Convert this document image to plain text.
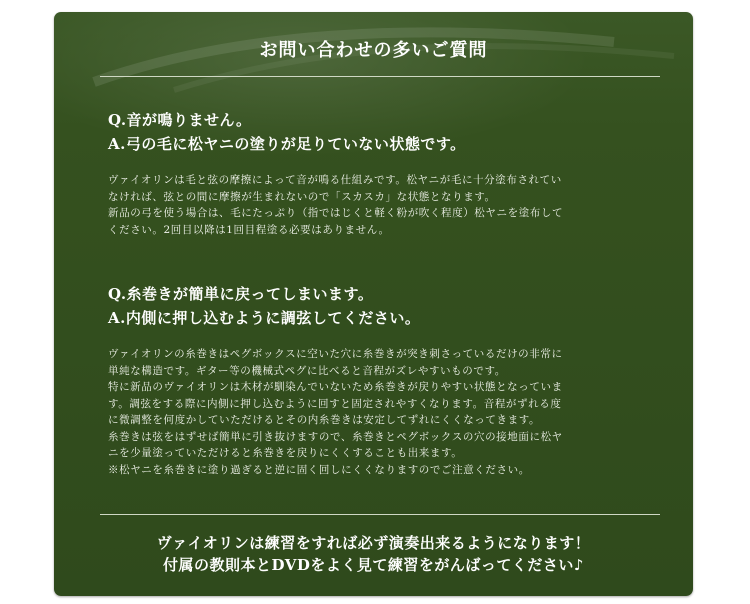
お問い合わせの多いご質問

Q.音が鳴りません。

A.弓の毛に松ヤニの塗りが足りていない状態です。

ヴァイオリンは毛と弦の摩擦によって音が鳴る仕組みです。松ヤニが毛に十分塗布されてい

なければ、弦との間に摩擦が生まれないので「スカスカ」な状態となります。

新品の弓を使う場合は、毛にたっぷり（指ではじくと軽く粉が吹く程度）松ヤニを塗布して

ください。2回目以降は1回目程塗る必要はありません。

Q.糸巻きが簡単に戻ってしまいます。

A.内側に押し込むように調弦してください。

ヴァイオリンの糸巻きはペグボックスに空いた穴に糸巻きが突き刺さっているだけの非常に

単純な構造です。ギター等の機械式ペグに比べると音程がズレやすいものです。

特に新品のヴァイオリンは木材が馴染んでいないため糸巻きが戻りやすい状態となっていま

す。調弦をする際に内側に押し込むように回すと固定されやすくなります。音程がずれる度

に微調整を何度かしていただけるとその内糸巻きは安定してずれにくくなってきます。

糸巻きは弦をはずせば簡単に引き抜けますので、糸巻きとペグボックスの穴の接地面に松ヤ

ニを少量塗っていただけると糸巻きを戻りにくくすることも出来ます。

※松ヤニを糸巻きに塗り過ぎると逆に固く回しにくくなりますのでご注意ください。

ヴァイオリンは練習をすれば必ず演奏出来るようになります！

付属の教則本とDVDをよく見て練習をがんばってください♪
